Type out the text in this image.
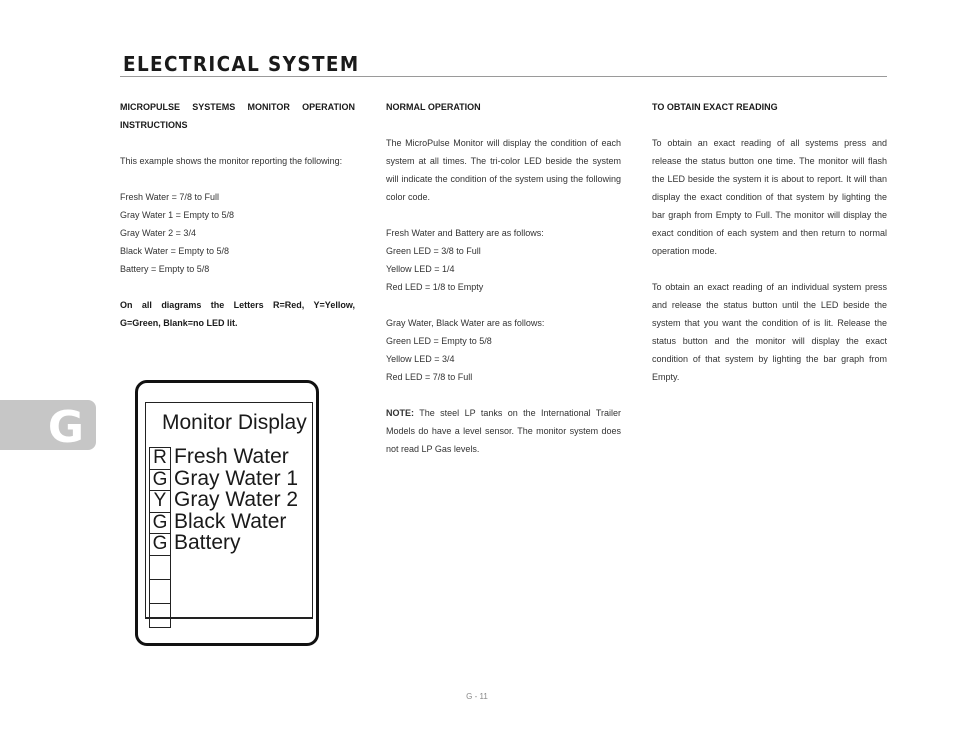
ELECTRICAL SYSTEM

MICROPULSE SYSTEMS MONITOR OPERATION INSTRUCTIONS

This example shows the monitor reporting the following:

Fresh Water = 7/8 to Full

Gray Water 1 = Empty to 5/8

Gray Water 2 = 3/4

Black Water = Empty to 5/8

Battery = Empty to 5/8

On all diagrams the Letters R=Red, Y=Yellow, G=Green, Blank=no LED lit.

NORMAL OPERATION

The MicroPulse Monitor will display the condition of each system at all times. The tri-color LED beside the system will indicate the condition of the system using the following color code.

Fresh Water and Battery are as follows:

Green LED = 3/8 to Full

Yellow LED = 1/4

Red LED = 1/8 to Empty

Gray Water, Black Water are as follows:

Green LED = Empty to 5/8

Yellow LED = 3/4

Red LED = 7/8 to Full

NOTE: The steel LP tanks on the International Trailer Models do have a level sensor. The monitor system does not read LP Gas levels.

TO OBTAIN EXACT READING

To obtain an exact reading of all systems press and release the status button one time. The monitor will flash the LED beside the system it is about to report. It will than display the exact condition of that system by lighting the bar graph from Empty to Full. The monitor will display the exact condition of each system and then return to normal operation mode.

To obtain an exact reading of an individual system press and release the status button until the LED beside the system that you want the condition of is lit. Release the status button and the monitor will display the exact condition of that system by lighting the bar graph from Empty.

G	Monitor Display
R
G
Y
G
G
Fresh Water
Gray Water 1
Gray Water 2
Black Water
Battery
G - 11
